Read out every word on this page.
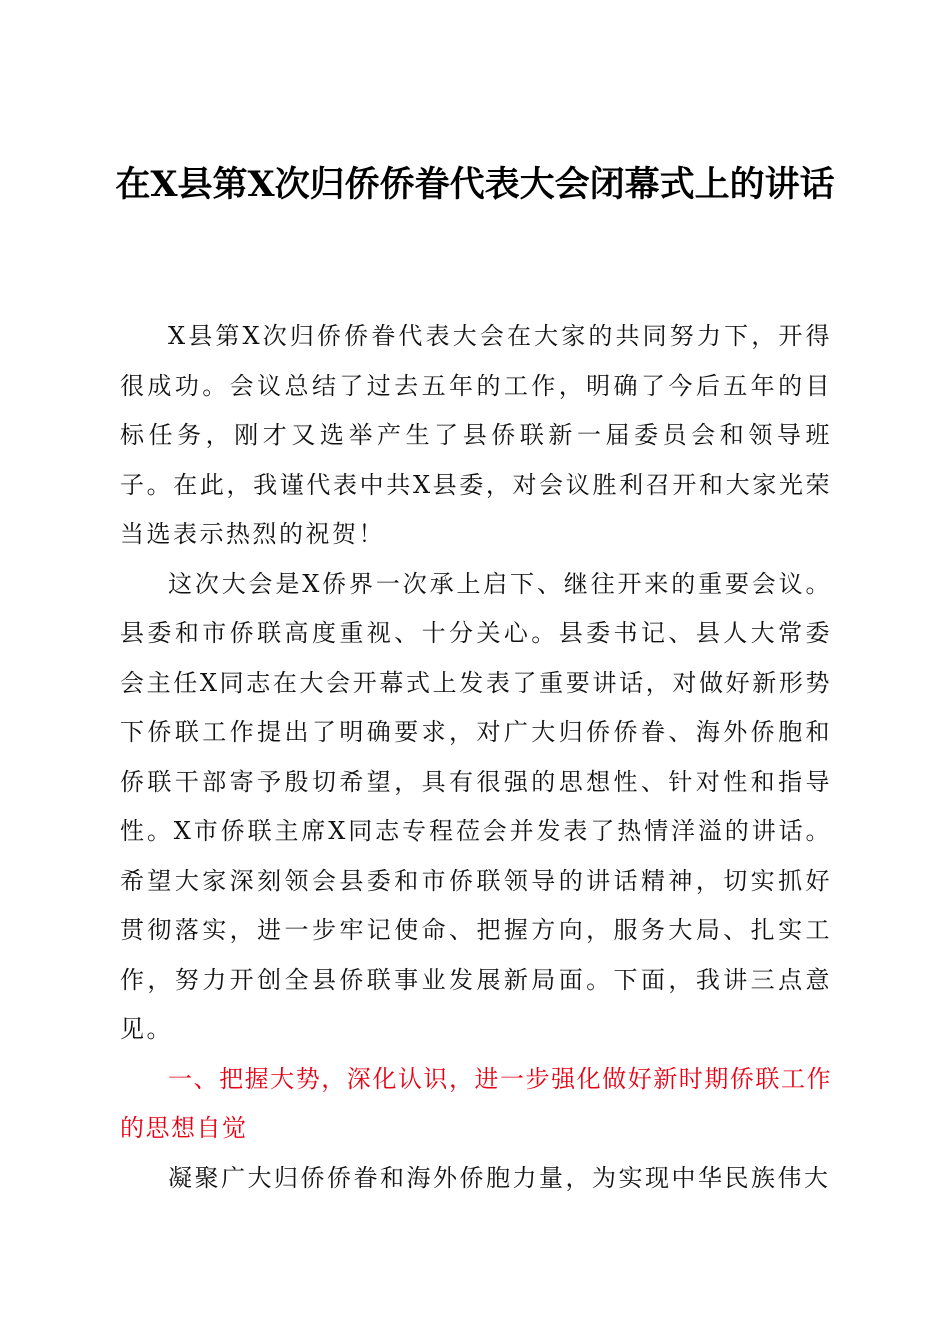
在X县第X次归侨侨眷代表大会闭幕式上的讲话

X县第X次归侨侨眷代表大会在大家的共同努力下，开得很成功。会议总结了过去五年的工作，明确了今后五年的目标任务，刚才又选举产生了县侨联新一届委员会和领导班子。在此，我谨代表中共X县委，对会议胜利召开和大家光荣当选表示热烈的祝贺！

这次大会是X侨界一次承上启下、继往开来的重要会议。县委和市侨联高度重视、十分关心。县委书记、县人大常委会主任X同志在大会开幕式上发表了重要讲话，对做好新形势下侨联工作提出了明确要求，对广大归侨侨眷、海外侨胞和侨联干部寄予殷切希望，具有很强的思想性、针对性和指导性。X市侨联主席X同志专程莅会并发表了热情洋溢的讲话。希望大家深刻领会县委和市侨联领导的讲话精神，切实抓好贯彻落实，进一步牢记使命、把握方向，服务大局、扎实工作，努力开创全县侨联事业发展新局面。下面，我讲三点意见。

一、把握大势，深化认识，进一步强化做好新时期侨联工作的思想自觉

凝聚广大归侨侨眷和海外侨胞力量，为实现中华民族伟大
